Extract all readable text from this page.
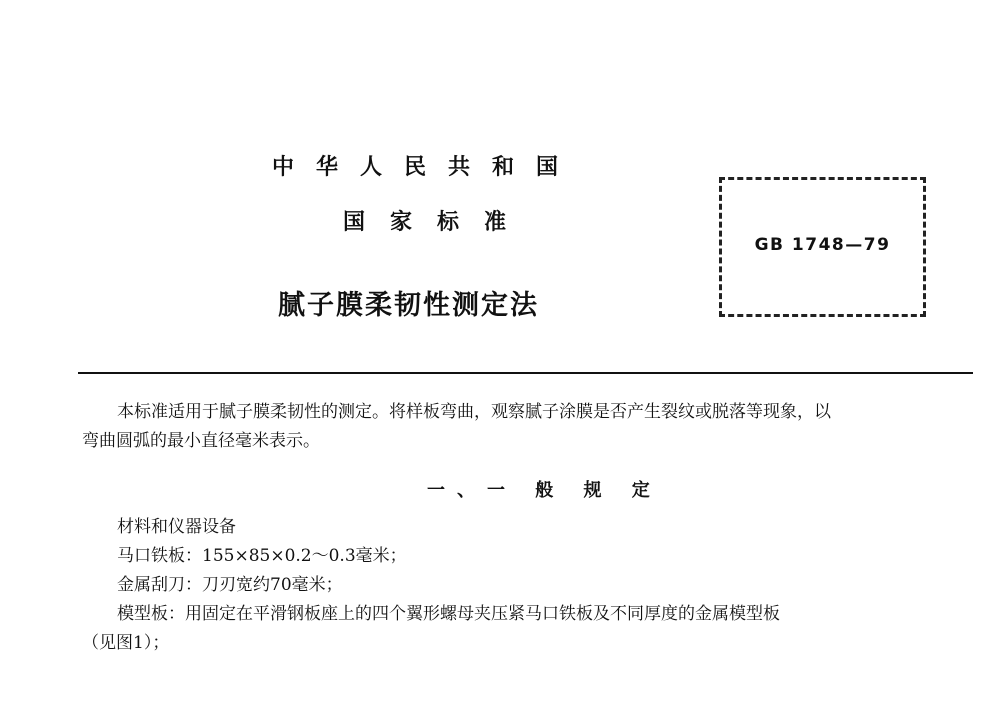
中华人民共和国
国家标准
腻子膜柔韧性测定法
GB 1748—79
本标准适用于腻子膜柔韧性的测定。将样板弯曲，观察腻子涂膜是否产生裂纹或脱落等现象，以
弯曲圆弧的最小直径毫米表示。
一、一 般 规 定
材料和仪器设备
马口铁板：155×85×0.2～0.3毫米；
金属刮刀：刀刃宽约70毫米；
模型板：用固定在平滑钢板座上的四个翼形螺母夹压紧马口铁板及不同厚度的金属模型板
（见图1）；
